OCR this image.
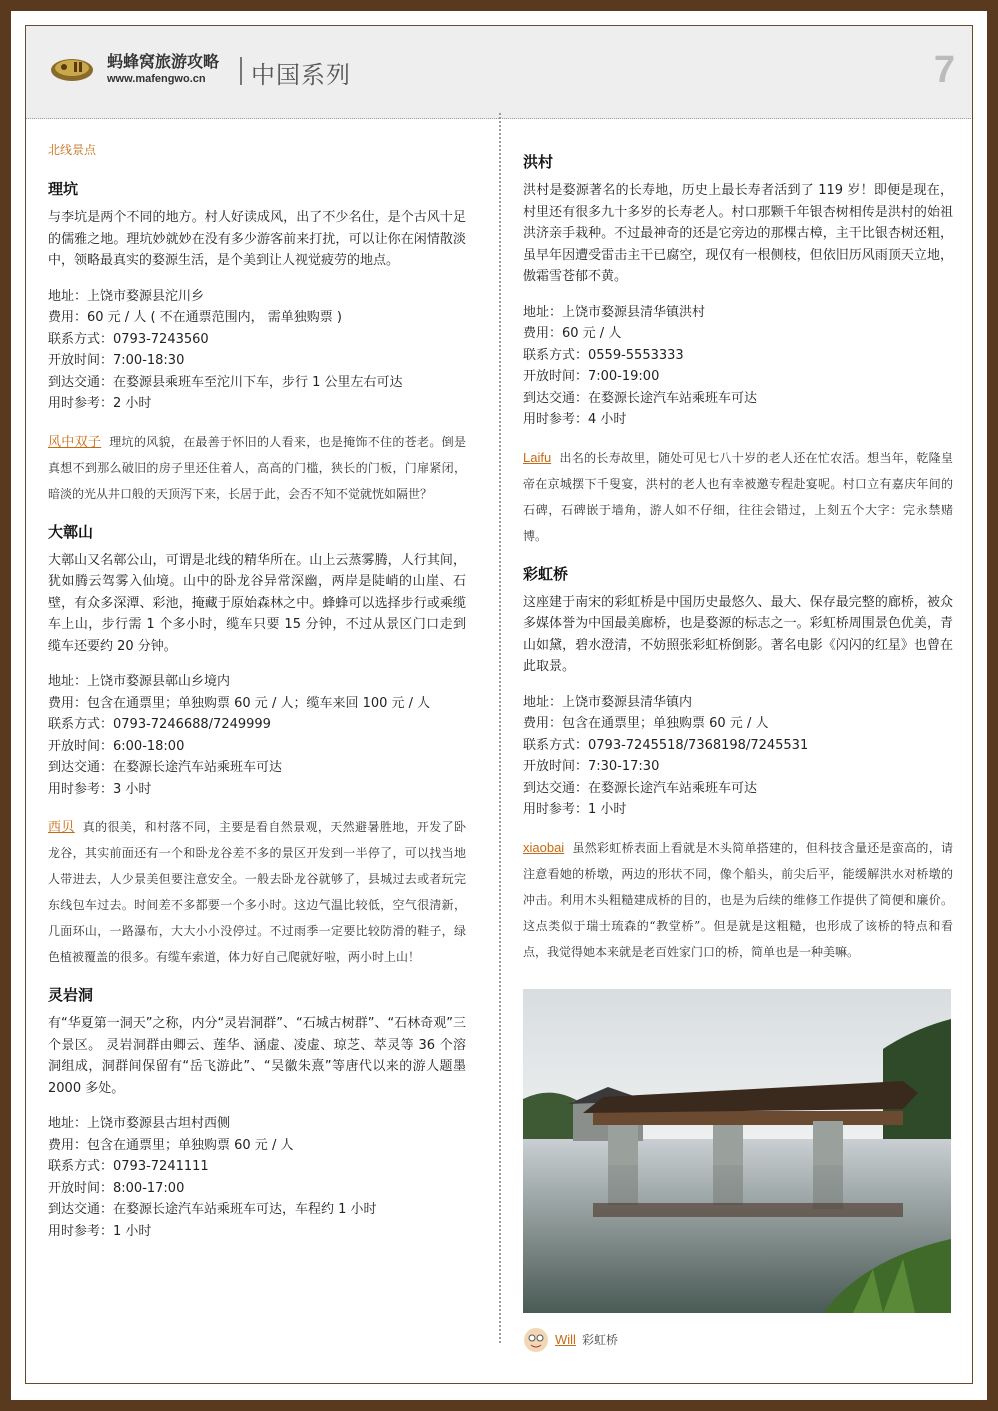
蚂蜂窝旅游攻略
www.mafengwo.cn 中国系列	7
北线景点
理坑
与李坑是两个不同的地方。村人好读成风，出了不少名仕，是个古风十足的儒雅之地。理坑妙就妙在没有多少游客前来打扰，可以让你在闲情散淡中，领略最真实的婺源生活，是个美到让人视觉疲劳的地点。
地址：上饶市婺源县沱川乡
费用：60 元 / 人 ( 不在通票范围内， 需单独购票 )
联系方式：0793-7243560
开放时间：7:00-18:30
到达交通：在婺源县乘班车至沱川下车，步行 1 公里左右可达
用时参考：2 小时
风中双子 理坑的风貌，在最善于怀旧的人看来，也是掩饰不住的苍老。倒是真想不到那么破旧的房子里还住着人，高高的门槛，狭长的门板，门扉紧闭，暗淡的光从井口般的天顶泻下来，长居于此，会否不知不觉就恍如隔世？
大鄣山
大鄣山又名鄣公山，可谓是北线的精华所在。山上云蒸雾腾，人行其间，犹如腾云驾雾入仙境。山中的卧龙谷异常深幽，两岸是陡峭的山崖、石壁，有众多深潭、彩池，掩藏于原始森林之中。蜂蜂可以选择步行或乘缆车上山，步行需 1 个多小时，缆车只要 15 分钟，不过从景区门口走到缆车还要约 20 分钟。
地址：上饶市婺源县鄣山乡境内
费用：包含在通票里；单独购票 60 元 / 人；缆车来回 100 元 / 人
联系方式：0793-7246688/7249999
开放时间：6:00-18:00
到达交通：在婺源长途汽车站乘班车可达
用时参考：3 小时
西贝 真的很美，和村落不同，主要是看自然景观，天然避暑胜地，开发了卧龙谷，其实前面还有一个和卧龙谷差不多的景区开发到一半停了，可以找当地人带进去，人少景美但要注意安全。一般去卧龙谷就够了，县城过去或者玩完东线包车过去。时间差不多都要一个多小时。这边气温比较低，空气很清新，几面环山，一路瀑布，大大小小没停过。不过雨季一定要比较防滑的鞋子，绿色植被覆盖的很多。有缆车索道，体力好自己爬就好啦，两小时上山！
灵岩洞
有“华夏第一洞天”之称，内分“灵岩洞群”、“石城古树群”、“石林奇观”三个景区。 灵岩洞群由卿云、莲华、涵虚、凌虚、琼芝、萃灵等 36 个溶洞组成，洞群间保留有“岳飞游此”、“吴徽朱熹”等唐代以来的游人题墨 2000 多处。
地址：上饶市婺源县古坦村西侧
费用：包含在通票里；单独购票 60 元 / 人
联系方式：0793-7241111
开放时间：8:00-17:00
到达交通：在婺源长途汽车站乘班车可达，车程约 1 小时
用时参考：1 小时
洪村
洪村是婺源著名的长寿地，历史上最长寿者活到了 119 岁！即便是现在，村里还有很多九十多岁的长寿老人。村口那颗千年银杏树相传是洪村的始祖洪济亲手栽种。不过最神奇的还是它旁边的那棵古樟，主干比银杏树还粗，虽早年因遭受雷击主干已腐空，现仅有一根侧枝，但依旧历风雨顶天立地，傲霜雪苍郁不黄。
地址：上饶市婺源县清华镇洪村
费用：60 元 / 人
联系方式：0559-5553333
开放时间：7:00-19:00
到达交通：在婺源长途汽车站乘班车可达
用时参考：4 小时
Laifu 出名的长寿故里，随处可见七八十岁的老人还在忙农活。想当年，乾隆皇帝在京城摆下千叟宴，洪村的老人也有幸被邀专程赴宴呢。村口立有嘉庆年间的石碑，石碑嵌于墙角，游人如不仔细，往往会错过，上刻五个大字：完永禁赌博。
彩虹桥
这座建于南宋的彩虹桥是中国历史最悠久、最大、保存最完整的廊桥，被众多媒体誉为中国最美廊桥，也是婺源的标志之一。彩虹桥周围景色优美，青山如黛，碧水澄清，不妨照张彩虹桥倒影。著名电影《闪闪的红星》也曾在此取景。
地址：上饶市婺源县清华镇内
费用：包含在通票里；单独购票 60 元 / 人
联系方式：0793-7245518/7368198/7245531
开放时间：7:30-17:30
到达交通：在婺源长途汽车站乘班车可达
用时参考：1 小时
xiaobai 虽然彩虹桥表面上看就是木头简单搭建的，但科技含量还是蛮高的，请注意看她的桥墩，两边的形状不同，像个船头，前尖后平，能缓解洪水对桥墩的冲击。利用木头粗糙建成桥的目的，也是为后续的维修工作提供了简便和廉价。这点类似于瑞士琉森的“教堂桥”。但是就是这粗糙，也形成了该桥的特点和看点，我觉得她本来就是老百姓家门口的桥，简单也是一种美嘛。
Will 彩虹桥
